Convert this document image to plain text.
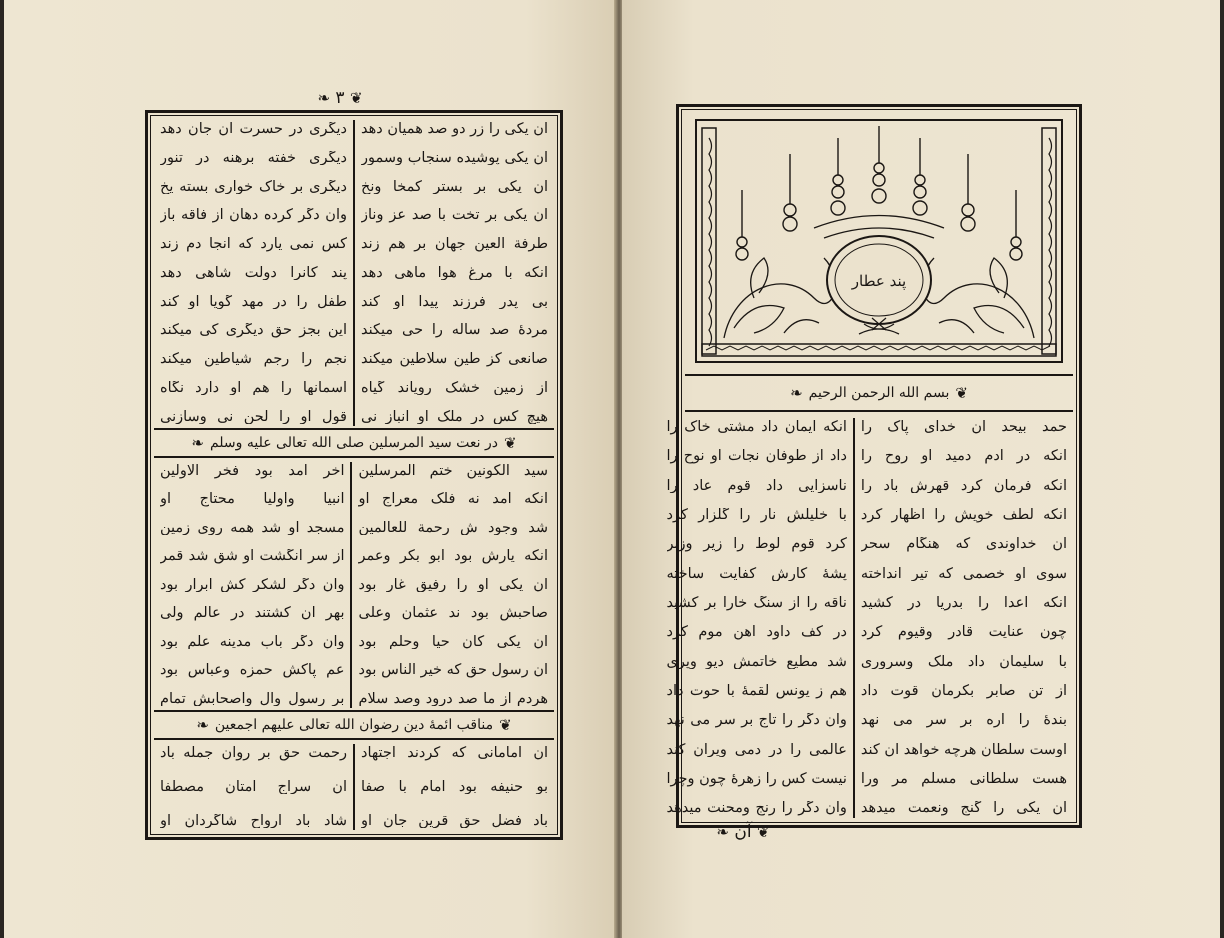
❦ ٣ ❧
آن یکی را زر دو صد همیان دهد
آن یکی پوشیده سنجاب وسمور
آن یکی بر بستر کمخا ونخ
آن یکی بر تخت با صد عز وناز
طرفة العین جهان بر هم زند
آنکه با مرغ هوا ماهی دهد
بی پدر فرزند پیدا او کند
مردهٔ صد ساله را حی میکند
صانعی کز طین سلاطین میکند
از زمین خشک رویاند گیاه
هیچ کس در ملک او انباز نی
دیگری در حسرت آن جان دهد
دیگری خفته برهنه در تنور
دیگری بر خاک خواری بسته یخ
وآن دگر کرده دهان از فاقه باز
کس نمی یارد که آنجا دم زند
پند کانرا دولت شاهی دهد
طفل را در مهد گویا او کند
این بجز حق دیگری کی میکند
نجم را رجم شیاطین میکند
آسمانها را هم او دارد نگاه
قول او را لحن نی وسازنی
❦
در نعت سید المرسلین صلی الله تعالی علیه وسلم
❧
سید الکونین ختم المرسلین
آنکه آمد نه فلک معراج او
شد وجود ش رحمة للعالمین
آنکه یارش بود ابو بکر وعمر
آن یکی او را رفیق غار بود
صاحبش بود ند عثمان وعلی
آن یکی کان حیا وحلم بود
آن رسول حق که خیر الناس بود
هردم از ما صد درود وصد سلام
آخر آمد بود فخر الاولین
انبیا واولیا محتاج او
مسجد او شد همه روی زمین
از سر انگشت او شق شد قمر
وان دگر لشکر کش ابرار بود
بهر آن کشتند در عالم ولی
وان دگر باب مدینه علم بود
عم پاکش حمزه وعباس بود
بر رسول وآل واصحابش تمام
❦
مناقب ائمهٔ دین رضوان الله تعالی علیهم اجمعین
❧
آن امامانی که کردند اجتهاد
بو حنیفه بود امام با صفا
باد فضل حق قرین جان او
رحمت حق بر روان جمله باد
آن سراج امتان مصطفا
شاد باد ارواح شاگردان او
پند عطار
❦
بسم الله الرحمن الرحیم
❧
حمد بیحد آن خدای پاک را
آنکه در آدم دمید او روح را
آنکه فرمان کرد قهرش باد را
آنکه لطف خویش را اظهار کرد
آن خداوندی که هنگام سحر
سوی او خصمی که تیر انداخته
آنکه اعدا را بدریا در کشید
چون عنایت قادر وقیوم کرد
با سلیمان داد ملک وسروری
از تن صابر بکرمان قوت داد
بندهٔ را اره بر سر می نهد
اوست سلطان هرچه خواهد آن کند
هست سلطانی مسلم مر ورا
آن یکی را گنج ونعمت میدهد
آنکه ایمان داد مشتی خاک را
داد از طوفان نجات او نوح را
ناسزایی داد قوم عاد را
با خلیلش نار را گلزار کرد
کرد قوم لوط را زیر وزبر
پشهٔ کارش کفایت ساخته
ناقه را از سنگ خارا بر کشید
در کف داود آهن موم کرد
شد مطیع خاتمش دیو وپری
هم ز یونس لقمهٔ با حوت داد
وان دگر را تاج بر سر می نهد
عالمی را در دمی ویران کند
نیست کس را زهرهٔ چون وچرا
وان دگر را رنج ومحنت میدهد
❦ آن ❧
